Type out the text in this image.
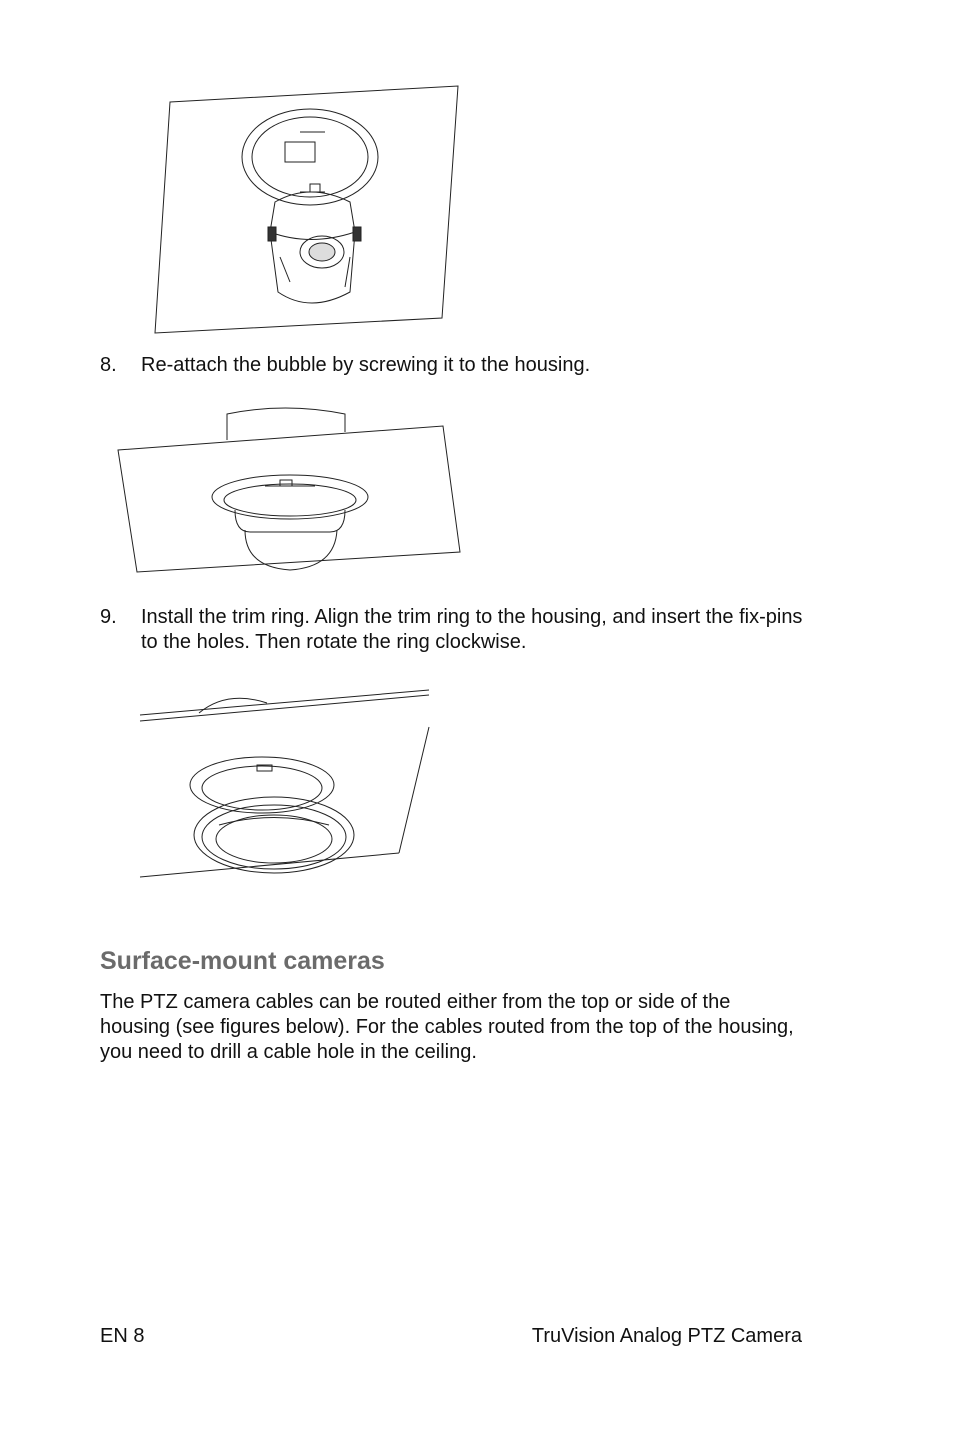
8. Re-attach the bubble by screwing it to the housing.
9. Install the trim ring. Align the trim ring to the housing, and insert the fix-pins to the holes. Then rotate the ring clockwise.
Surface-mount cameras

The PTZ camera cables can be routed either from the top or side of the housing (see figures below). For the cables routed from the top of the housing, you need to drill a cable hole in the ceiling.

EN 8	TruVision Analog PTZ Camera
